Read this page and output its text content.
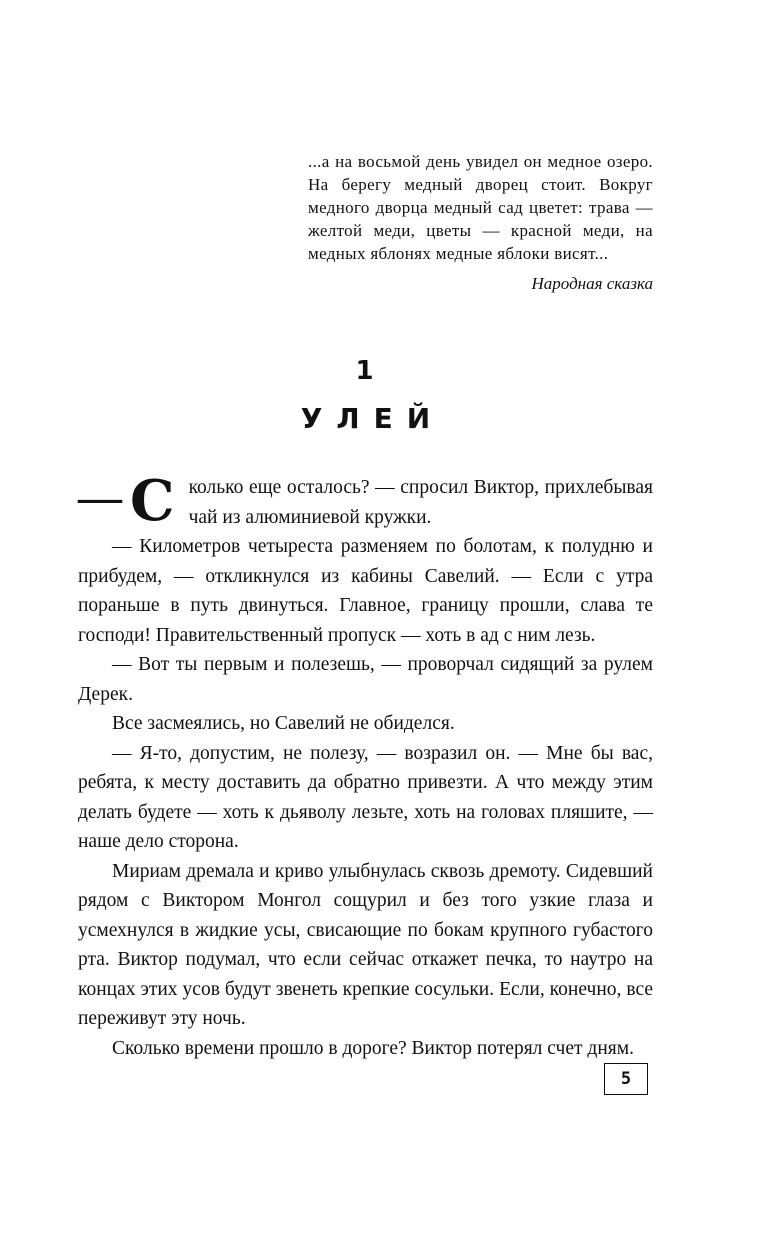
...а на восьмой день увидел он медное озеро. На берегу медный дворец стоит. Вокруг медного дворца медный сад цветет: трава — желтой меди, цветы — красной меди, на медных яблонях медные яблоки висят...
Народная сказка
1
УЛЕЙ

— С колько еще осталось? — спросил Виктор, прихлебывая чай из алюминиевой кружки.

— Километров четыреста разменяем по болотам, к полудню и прибудем, — откликнулся из кабины Савелий. — Если с утра пораньше в путь двинуться. Главное, границу прошли, слава те господи! Правительственный пропуск — хоть в ад с ним лезь.

— Вот ты первым и полезешь, — проворчал сидящий за рулем Дерек.

Все засмеялись, но Савелий не обиделся.

— Я-то, допустим, не полезу, — возразил он. — Мне бы вас, ребята, к месту доставить да обратно привезти. А что между этим делать будете — хоть к дьяволу лезьте, хоть на головах пляшите, — наше дело сторона.

Мириам дремала и криво улыбнулась сквозь дремоту. Сидевший рядом с Виктором Монгол сощурил и без того узкие глаза и усмехнулся в жидкие усы, свисающие по бокам крупного губастого рта. Виктор подумал, что если сейчас откажет печка, то наутро на концах этих усов будут звенеть крепкие сосульки. Если, конечно, все переживут эту ночь.

Сколько времени прошло в дороге? Виктор потерял счет дням.

5
